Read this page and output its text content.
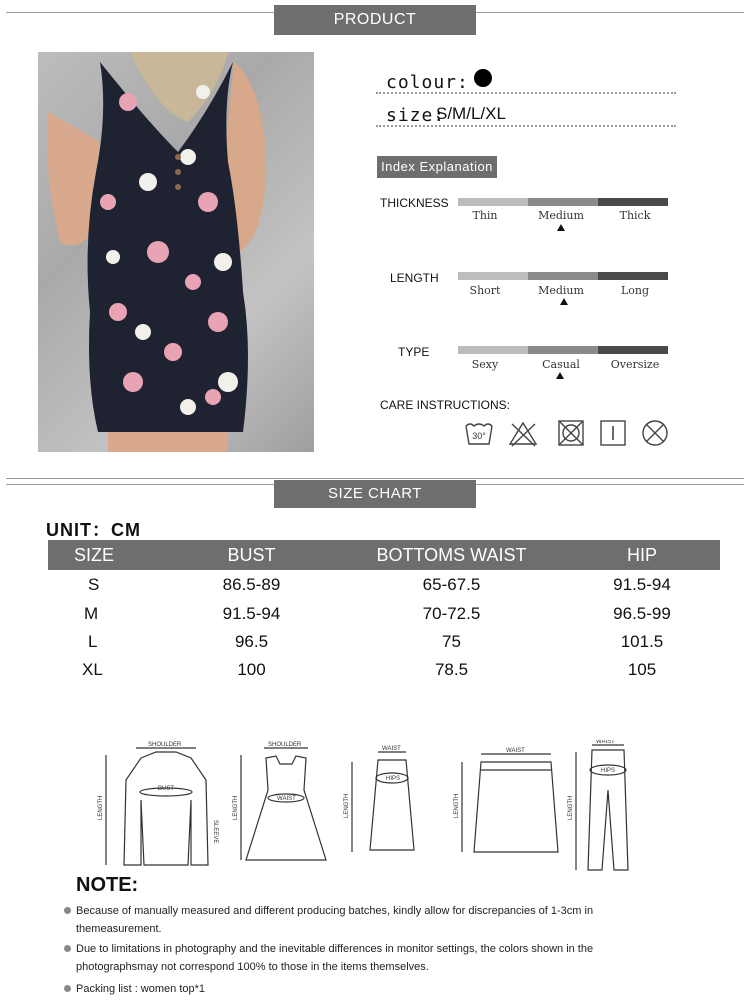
PRODUCT INFORMATION
colour:
size:
S/M/L/XL
Index Explanation
THICKNESS
Thin	Medium	Thick
LENGTH
Short	Medium	Long
TYPE
Sexy	Casual	Oversize
CARE INSTRUCTIONS:
30°
SIZE CHART
UNIT：CM
SIZE	BUST	BOTTOMS WAIST	HIP
S	86.5-89	65-67.5	91.5-94
M	91.5-94	70-72.5	96.5-99
L	96.5	75	101.5
XL	100	78.5	105
SHOULDER
BUST
SLEEVE
LENGTH
SHOULDER
WAIST
LENGTH
WAIST
HIPS
LENGTH
WAIST
LENGTH
WAIST
HIPS
LENGTH
NOTE:
Because of manually measured and different producing batches, kindly allow for discrepancies of 1-3cm in themeasurement.
Due to limitations in photography and the inevitable differences in monitor settings, the colors shown in the photographsmay not correspond 100% to those in the items themselves.
Packing list : women top*1
